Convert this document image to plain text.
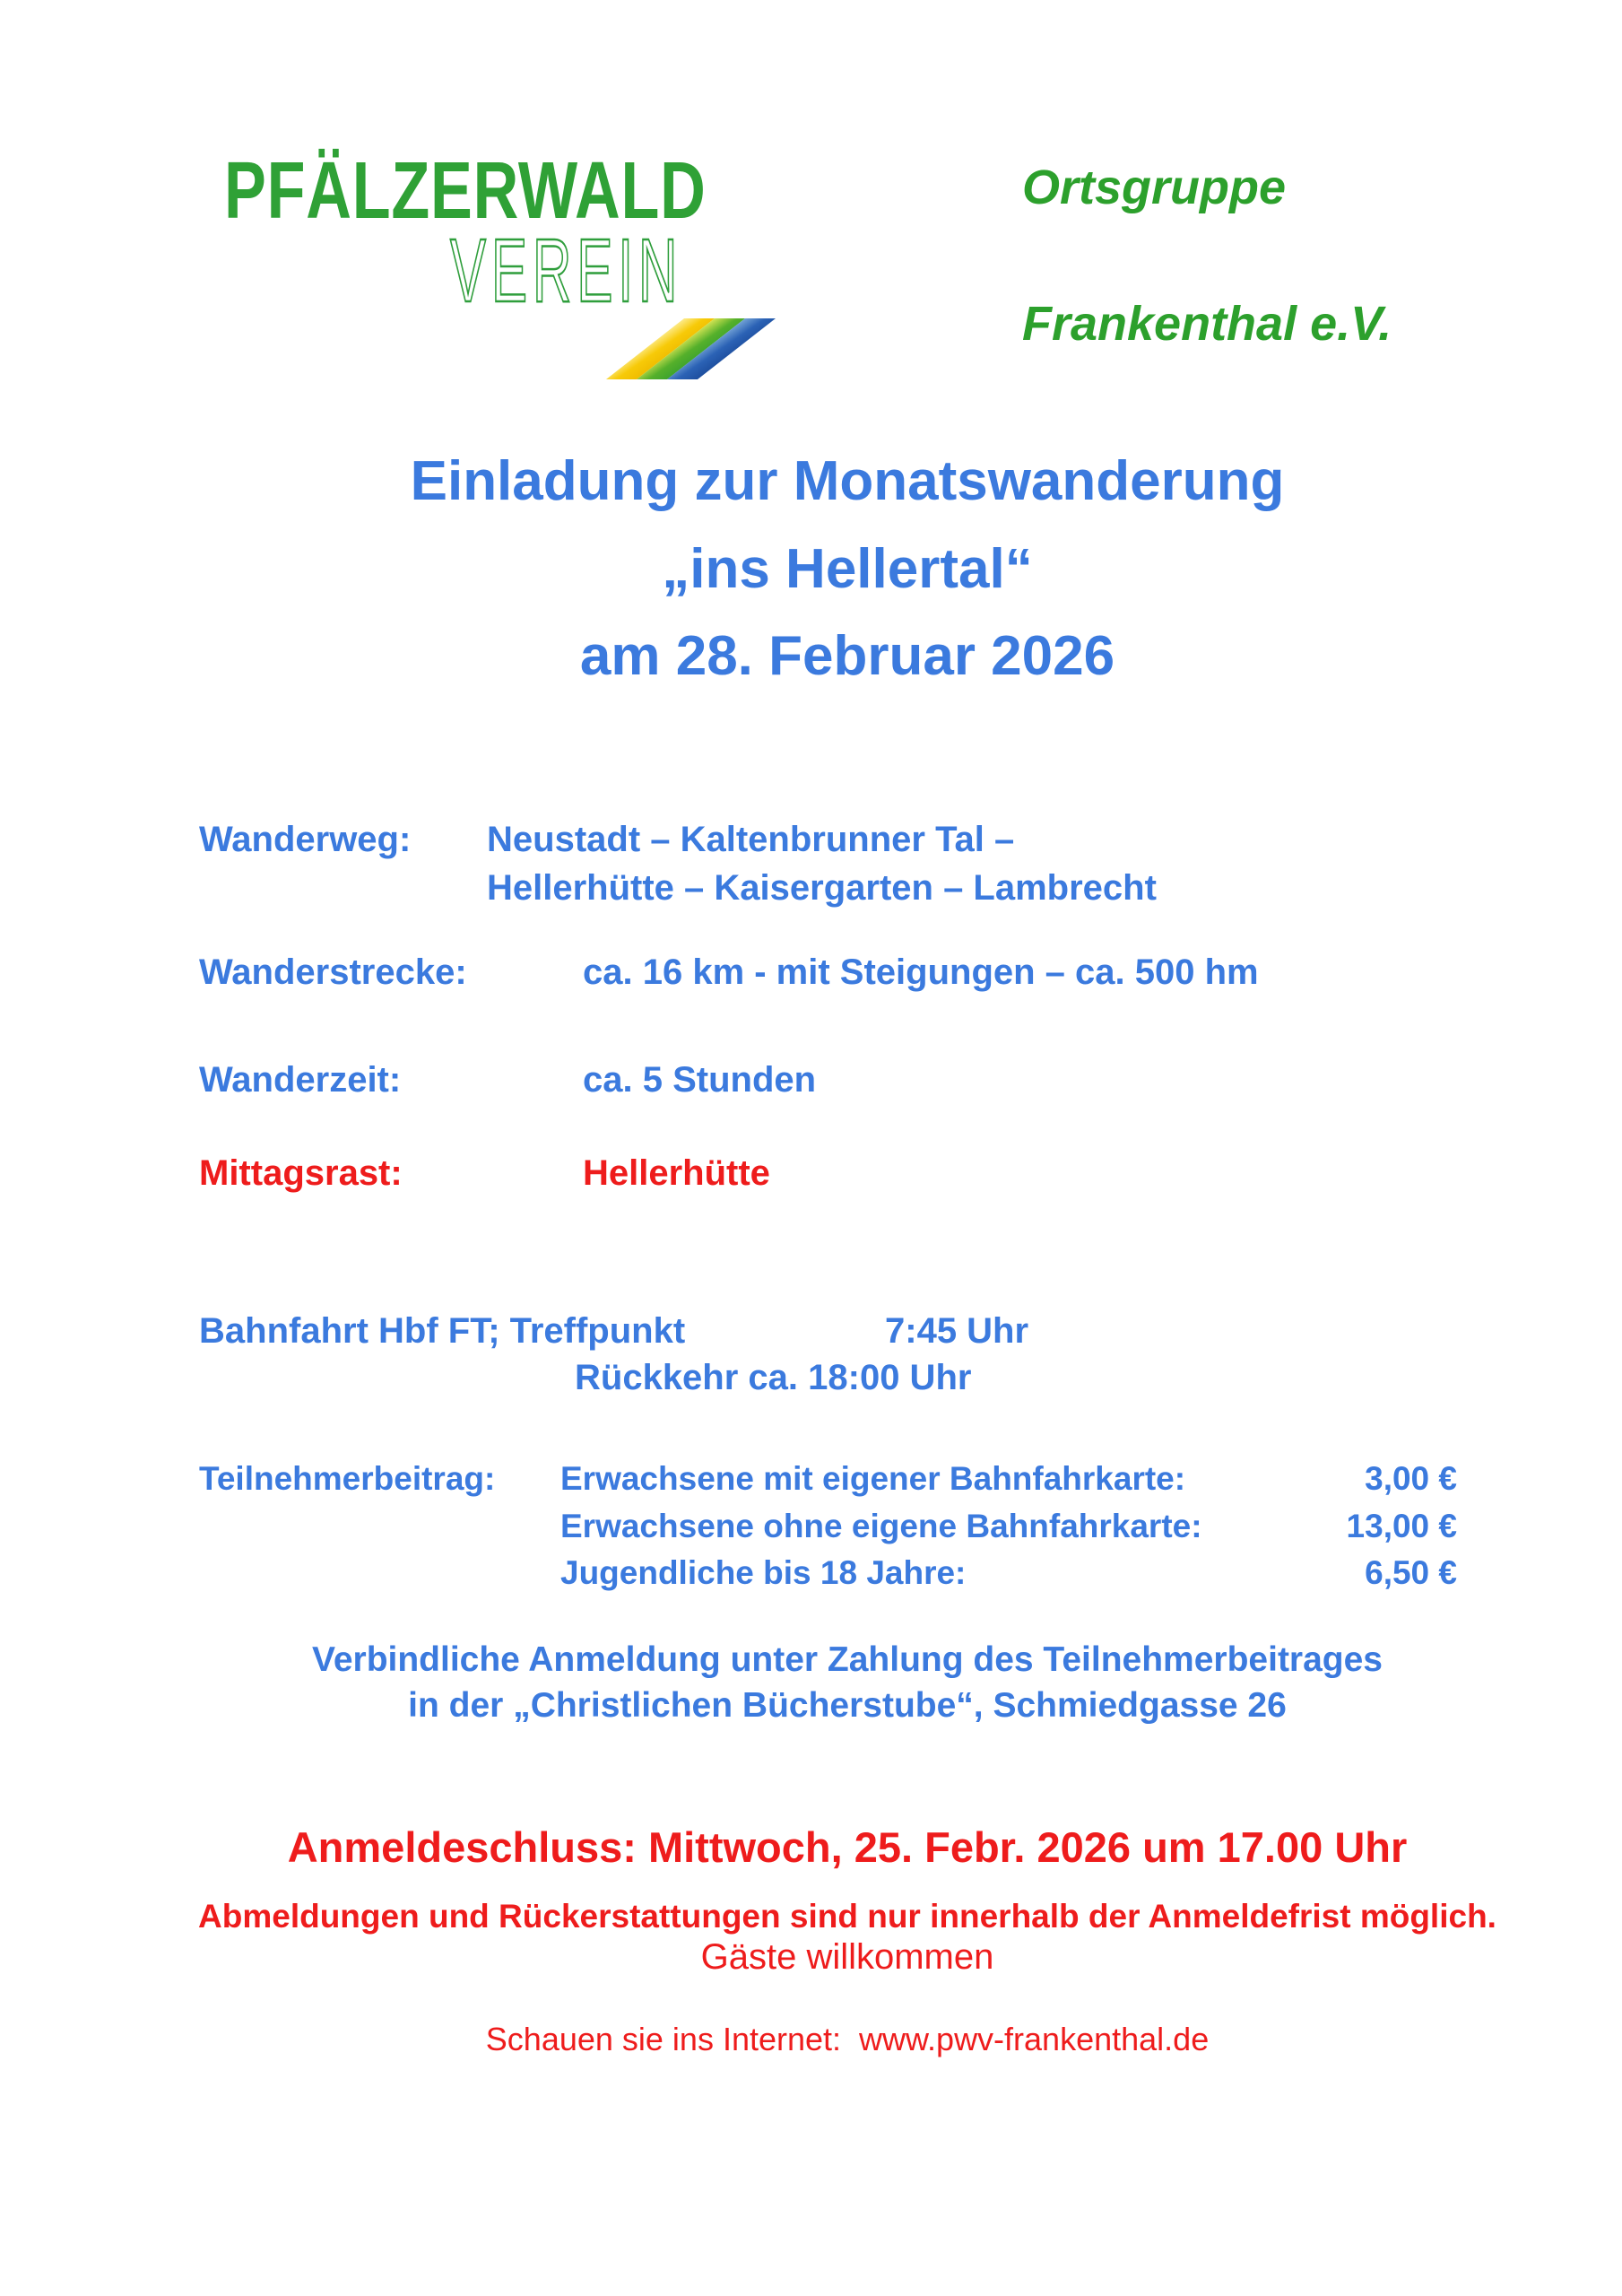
PFÄLZERWALD
VEREIN
Ortsgruppe
Frankenthal e.V.
Einladung zur Monatswanderung
„ins Hellertal“
am 28. Februar 2026
Wanderweg: Neustadt – Kaltenbrunner Tal –
Hellerhütte – Kaisergarten – Lambrecht
Wanderstrecke:	ca. 16 km - mit Steigungen – ca. 500 hm
Wanderzeit:	ca. 5 Stunden
Mittagsrast:	Hellerhütte
Bahnfahrt Hbf FT; Treffpunkt	7:45 Uhr
Rückkehr ca. 18:00 Uhr
Teilnehmerbeitrag: Erwachsene mit eigener Bahnfahrkarte:	3,00 €
Erwachsene ohne eigene Bahnfahrkarte:	13,00 €
Jugendliche bis 18 Jahre:	6,50 €
Verbindliche Anmeldung unter Zahlung des Teilnehmerbeitrages
in der „Christlichen Bücherstube“, Schmiedgasse 26
Anmeldeschluss: Mittwoch, 25. Febr. 2026 um 17.00 Uhr
Abmeldungen und Rückerstattungen sind nur innerhalb der Anmeldefrist möglich.
Gäste willkommen
Schauen sie ins Internet:  www.pwv-frankenthal.de
